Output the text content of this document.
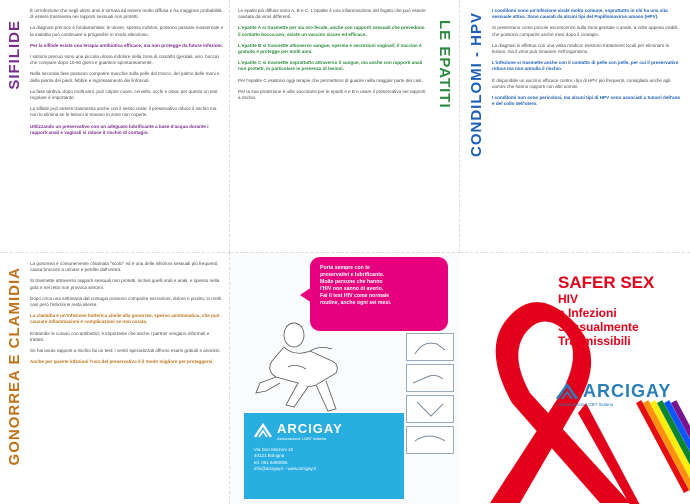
SIFILIDE

È un'infezione che negli ultimi anni è tornata ad essere molto diffusa e ha maggiore probabilità di essere trasmessa nei rapporti sessuali non protetti.

La diagnosi precoce è fondamentale: le ulcere, spesso indolori, possono passare inosservate e la malattia può continuare a progredire in modo silenzioso.

Per la sifilide esiste una terapia antibiotica efficace, ma non protegge da future infezioni.

I sintomi precoci sono una piccola ulcera indolore nella zona di contatto (genitali, ano, bocca) che compare dopo 10-90 giorni e guarisce spontaneamente.

Nella seconda fase possono comparire macchie sulla pelle del tronco, del palmo delle mani e della pianta dei piedi, febbre e ingrossamento dei linfonodi.

La fase tardiva, dopo molti anni, può colpire cuore, cervello, occhi e ossa; per questo un test regolare è importante.

La sifilide può essere trasmessa anche con il sesso orale; il preservativo riduce il rischio ma non lo elimina se le lesioni si trovano in zone non coperte.

Utilizzando un preservativo con un adeguato lubrificante a base d'acqua durante i rapporti anali e vaginali si riduce il rischio di contagio.

LE EPATITI

Le epatiti più diffuse sono A, B e C. L'epatite è una infiammazione del fegato che può essere causata da virus differenti.

L'epatite A si trasmette per via oro-fecale, anche con rapporti sessuali che prevedono il contatto bocca-ano; esiste un vaccino sicuro ed efficace.

L'epatite B si trasmette attraverso sangue, sperma e secrezioni vaginali; il vaccino è gratuito e protegge per molti anni.

L'epatite C si trasmette soprattutto attraverso il sangue, ma anche con rapporti anali non protetti, in particolare in presenza di lesioni.

Per l'epatite C esistono oggi terapie che permettono di guarire nella maggior parte dei casi.

Per la sua protezione è utile vaccinarsi per le epatiti A e B e usare il preservativo nei rapporti a rischio.	CONDILOMI - HPV

I condilomi sono un'infezione virale molto comune, soprattutto in chi ha una vita sessuale attiva. Sono causati da alcuni tipi del Papillomavirus umano (HPV).

Si presentano come piccole escrescenze sulla zona genitale o anale, a volte appena visibili, che possono comparire anche mesi dopo il contagio.

La diagnosi si effettua con una visita medica; esistono trattamenti locali per eliminare le lesioni, ma il virus può rimanere nell'organismo.

L'infezione si trasmette anche con il contatto di pelle con pelle, per cui il preservativo riduce ma non annulla il rischio.

È disponibile un vaccino efficace contro i tipi di HPV più frequenti, consigliato anche agli uomini che hanno rapporti con altri uomini.

I condilomi non sono pericolosi, ma alcuni tipi di HPV sono associati a tumori dell'ano e del collo dell'utero.

GONORREA E CLAMIDIA

La gonorrea è comunemente chiamata "scolo" ed è una delle infezioni sessuali più frequenti; causa bruciore a urinare e perdite dall'uretra.

Si trasmette attraverso rapporti sessuali non protetti, inclusi quelli orali e anali, e spesso nella gola e nel retto non provoca sintomi.

Dopo circa una settimana dal contagio possono comparire secrezioni, dolore e prurito; in molti casi però l'infezione resta silente.

La clamidia è un'infezione batterica simile alla gonorrea, spesso asintomatica, che può causare infiammazioni e complicazioni se non curata.

Entrambe si curano con antibiotici; è importante che anche i partner vengano informati e trattati.

Se hai avuto rapporti a rischio fai un test: i centri specializzati offrono esami gratuiti e anonimi.

Anche per queste infezioni l'uso del preservativo è il modo migliore per proteggersi.

Porta sempre con te

preservativi e lubrificante.

Molte persone che hanno

l'HIV non sanno di averlo.

Fai il test HIV come normale

routine, anche ogni sei mesi.

ARCIGAY
Associazione LGBT Italiana
Via Don Minzoni 18
40121 Bologna
tel. 051 6493055
info@arcigay.it - www.arcigay.it
SAFER SEX
HIV
e Infezioni
Sessualmente
Trasmissibili
ARCIGAY
Associazione LGBT Italiana
